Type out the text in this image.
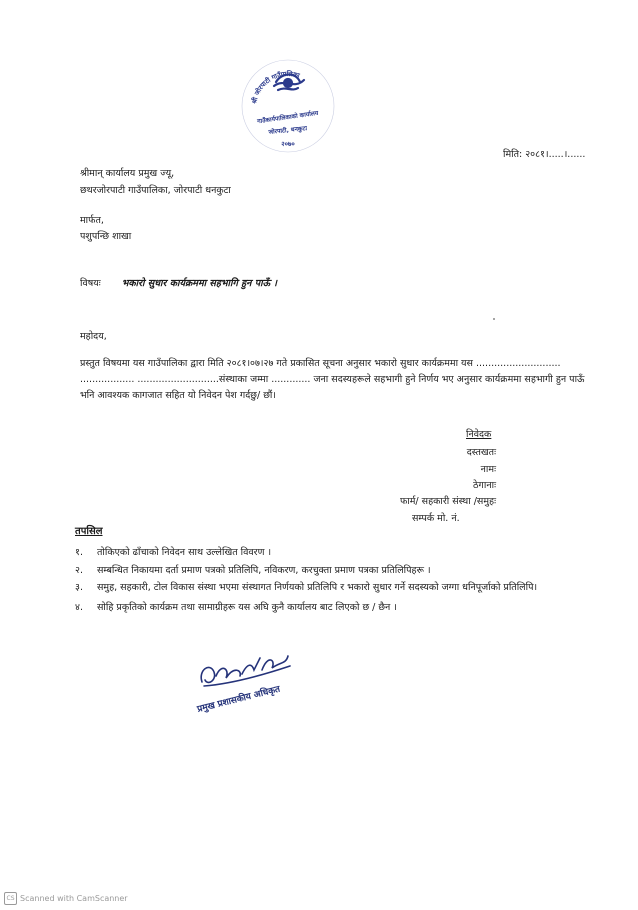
श्री जोरपाटी गाउँपालिका
गाउँकार्यपालिकाको कार्यालय
जोरपाटी, धनकुटा
२०७०
मिति: २०८१।.....।......
श्रीमान् कार्यालय प्रमुख ज्यू,
छथरजोरपाटी गाउँपालिका, जोरपाटी धनकुटा
मार्फत,
पशुपन्छि शाखा
विषयः भकारो सुधार कार्यक्रममा सहभागि हुन पाऊँ ।
महोदय,
प्रस्तुत विषयमा यस गाउँपालिका द्वारा मिति २०८१।०७।२७ गते प्रकासित सूचना अनुसार भकारो सुधार कार्यक्रममा यस ............................ .................. ...........................संस्थाका जम्मा ............. जना सदस्यहरूले सहभागी हुने निर्णय भए अनुसार कार्यक्रममा सहभागी हुन पाऊँ भनि आवश्यक कागजात सहित यो निवेदन पेश गर्दछु/ छौं।
निवेदक
दस्तखतः
नामः
ठेगानाः
फार्म/ सहकारी संस्था /समुहः
सम्पर्क मो. नं.
तपसिल
१. तोकिएको ढाँचाको निवेदन साथ उल्लेखित विवरण ।
२. सम्बन्धित निकायमा दर्ता प्रमाण पत्रको प्रतिलिपि, नविकरण, करचुक्ता प्रमाण पत्रका प्रतिलिपिहरू ।
३. समुह, सहकारी, टोल विकास संस्था भएमा संस्थागत निर्णयको प्रतिलिपि र भकारो सुधार गर्ने सदस्यको जग्गा धनिपूर्जाको प्रतिलिपि।
४. सोहि प्रकृतिको कार्यक्रम तथा सामाग्रीहरू यस अघि कुनै कार्यालय बाट लिएको छ / छैन ।
प्रमुख प्रशासकीय अधिकृत
CS Scanned with CamScanner
